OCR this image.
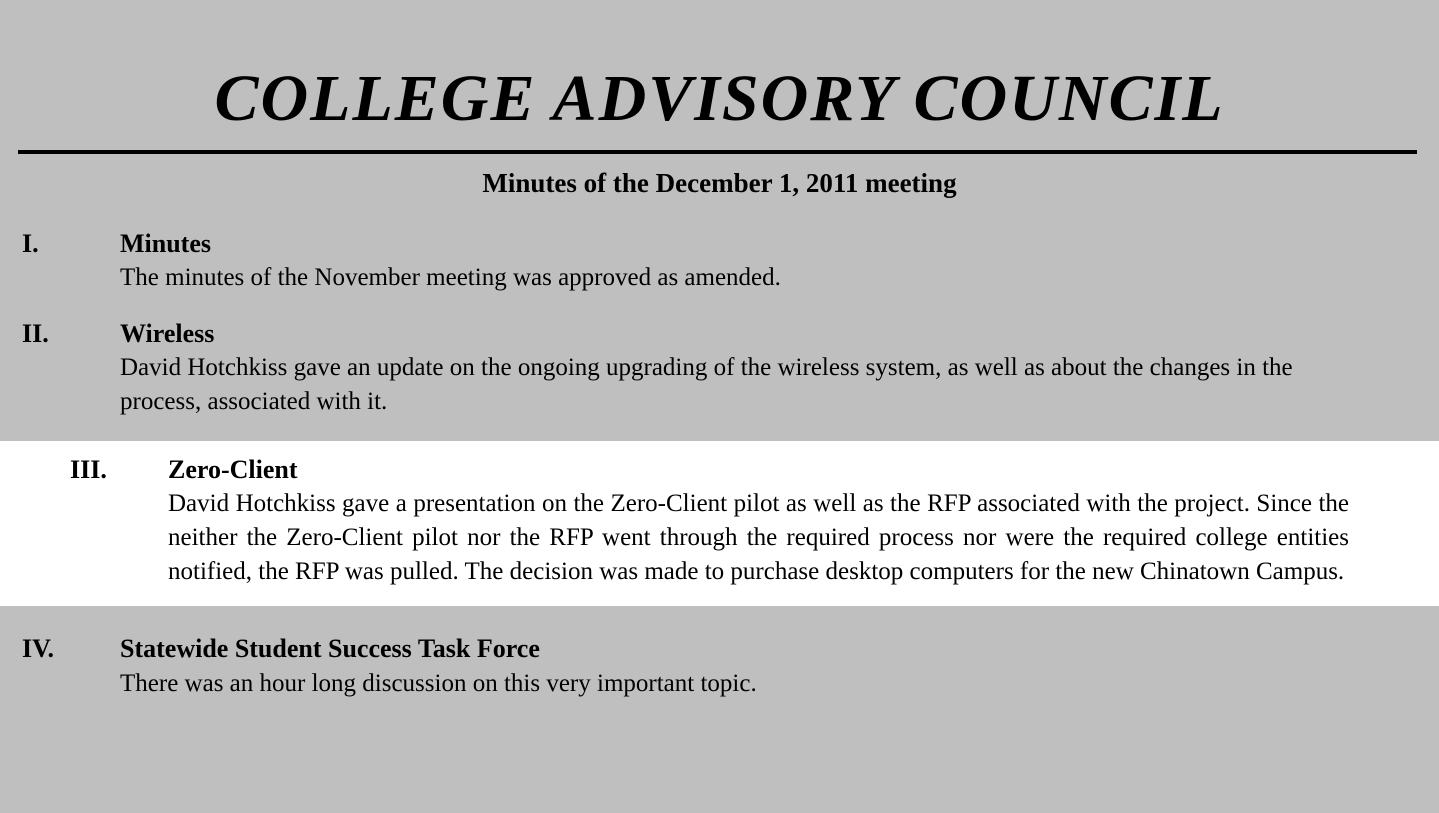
COLLEGE ADVISORY COUNCIL
Minutes of the December 1, 2011 meeting
I.	Minutes

The minutes of the November meeting was approved as amended.

II.	Wireless

David Hotchkiss gave an update on the ongoing upgrading of the wireless system, as well as about the changes in the process, associated with it.

III.	Zero-Client

David Hotchkiss gave a presentation on the Zero-Client pilot as well as the RFP associated with the project. Since the neither the Zero-Client pilot nor the RFP went through the required process nor were the required college entities notified, the RFP was pulled. The decision was made to purchase desktop computers for the new Chinatown Campus.

IV.	Statewide Student Success Task Force

There was an hour long discussion on this very important topic.
